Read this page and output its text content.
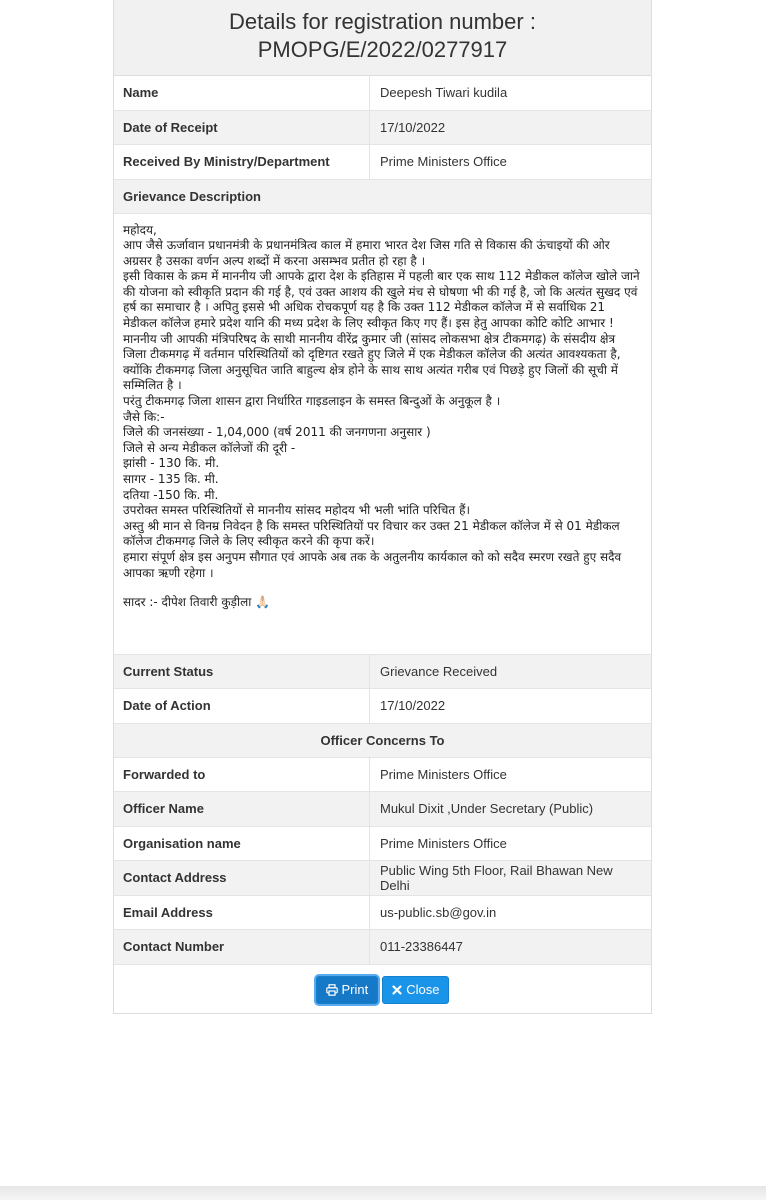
Details for registration number :
PMOPG/E/2022/0277917
Name	Deepesh Tiwari kudila
Date of Receipt	17/10/2022
Received By Ministry/Department	Prime Ministers Office
Grievance Description

महोदय,

आप जैसे ऊर्जावान प्रधानमंत्री के प्रधानमंत्रित्व काल में हमारा भारत देश जिस गति से विकास की ऊंचाइयों की ओर अग्रसर है उसका वर्णन अल्प शब्दों में करना असम्भव प्रतीत हो रहा है ।

इसी विकास के क्रम में माननीय जी आपके द्वारा देश के इतिहास में पहली बार एक साथ 112 मेडीकल कॉलेज खोले जाने की योजना को स्वीकृति प्रदान की गई है, एवं उक्त आशय की खुले मंच से घोषणा भी की गई है, जो कि अत्यंत सुखद एवं हर्ष का समाचार है । अपितु इससे भी अधिक रोचकपूर्ण यह है कि उक्त 112 मेडीकल कॉलेज में से सर्वाधिक 21 मेडीकल कॉलेज हमारे प्रदेश यानि की मध्य प्रदेश के लिए स्वीकृत किए गए हैं। इस हेतु आपका कोटि कोटि आभार !

माननीय जी आपकी मंत्रिपरिषद के साथी माननीय वीरेंद्र कुमार जी (सांसद लोकसभा क्षेत्र टीकमगढ़) के संसदीय क्षेत्र जिला टीकमगढ़ में वर्तमान परिस्थितियों को दृष्टिगत रखते हुए जिले में एक मेडीकल कॉलेज की अत्यंत आवश्यकता है, क्योंकि टीकमगढ़ जिला अनुसूचित जाति बाहुल्य क्षेत्र होने के साथ साथ अत्यंत गरीब एवं पिछड़े हुए जिलों की सूची में सम्मिलित है ।

परंतु टीकमगढ़ जिला शासन द्वारा निर्धारित गाइडलाइन के समस्त बिन्दुओं के अनुकूल है ।

जैसे कि:-

जिले की जनसंख्या - 1,04,000 (वर्ष 2011 की जनगणना अनुसार )

जिले से अन्य मेडीकल कॉलेजों की दूरी -

झांसी - 130 कि. मी.

सागर - 135 कि. मी.

दतिया -150 कि. मी.

उपरोक्त समस्त परिस्थितियों से माननीय सांसद महोदय भी भली भांति परिचित हैं।

अस्तु श्री मान से विनम्र निवेदन है कि समस्त परिस्थितियों पर विचार कर उक्त 21 मेडीकल कॉलेज में से 01 मेडीकल कॉलेज टीकमगढ़ जिले के लिए स्वीकृत करने की कृपा करें।

हमारा संपूर्ण क्षेत्र इस अनुपम सौगात एवं आपके अब तक के अतुलनीय कार्यकाल को को सदैव स्मरण रखते हुए सदैव आपका ऋणी रहेगा ।

सादर :- दीपेश तिवारी कुड़ीला 🙏🏻

Current Status	Grievance Received
Date of Action	17/10/2022
Officer Concerns To
Forwarded to	Prime Ministers Office
Officer Name	Mukul Dixit ,Under Secretary (Public)
Organisation name	Prime Ministers Office
Contact Address	Public Wing 5th Floor, Rail Bhawan New Delhi
Email Address	us-public.sb@gov.in
Contact Number	011-23386447
Print	Close
